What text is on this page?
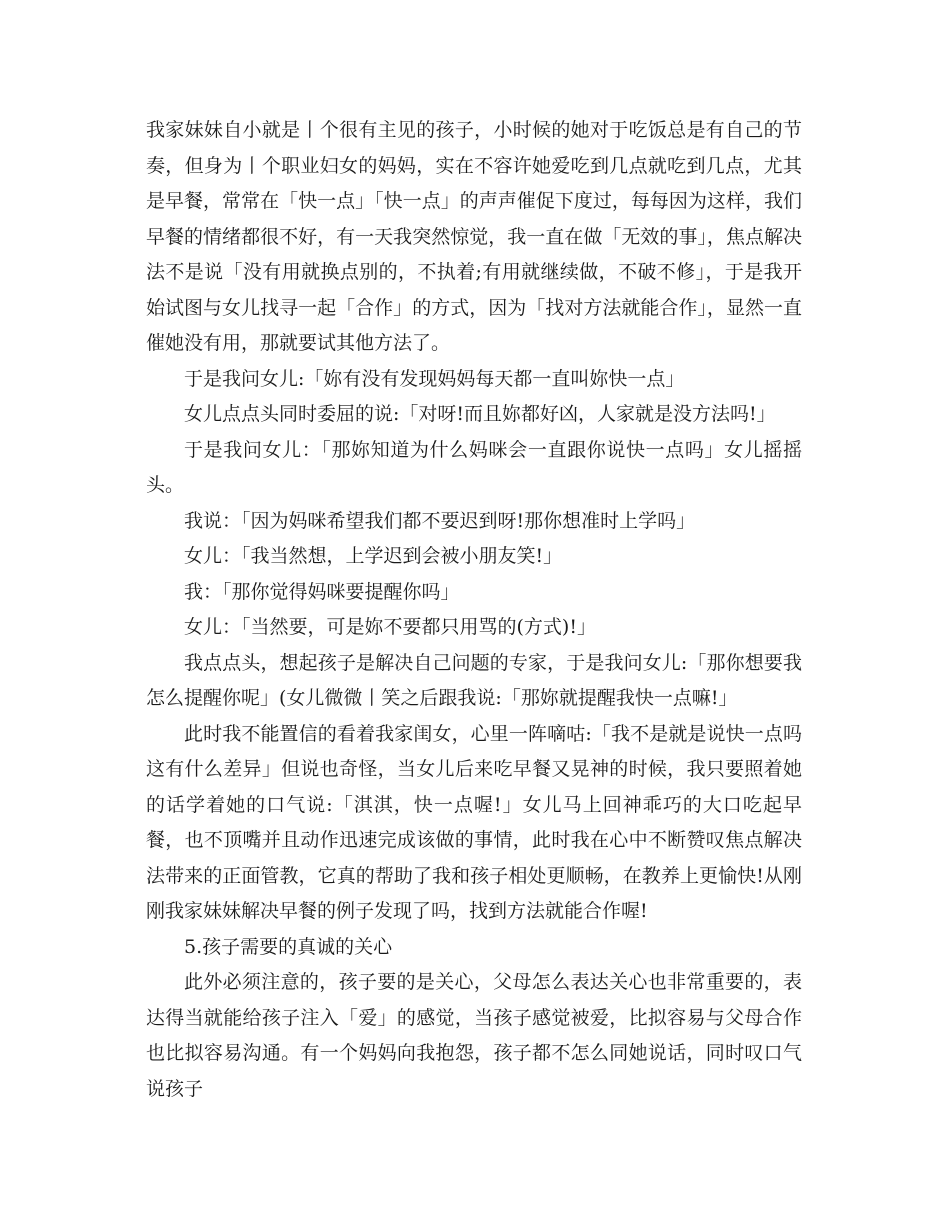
我家妹妹自小就是丨个很有主见的孩子，小时候的她对于吃饭总是有自己的节奏，但身为丨个职业妇女的妈妈，实在不容许她爱吃到几点就吃到几点，尤其是早餐，常常在「快一点」「快一点」的声声催促下度过，每每因为这样，我们早餐的情绪都很不好，有一天我突然惊觉，我一直在做「无效的事」，焦点解决法不是说「没有用就换点别的，不执着;有用就继续做，不破不修」，于是我开始试图与女儿找寻一起「合作」的方式，因为「找对方法就能合作」，显然一直催她没有用，那就要试其他方法了。

于是我问女儿:「妳有没有发现妈妈每天都一直叫妳快一点」

女儿点点头同时委屈的说:「对呀!而且妳都好凶，人家就是没方法吗!」

于是我问女儿：「那妳知道为什么妈咪会一直跟你说快一点吗」女儿摇摇头。

我说：「因为妈咪希望我们都不要迟到呀!那你想准时上学吗」

女儿：「我当然想，上学迟到会被小朋友笑!」

我：「那你觉得妈咪要提醒你吗」

女儿：「当然要，可是妳不要都只用骂的(方式)!」

我点点头，想起孩子是解决自己问题的专家，于是我问女儿:「那你想要我怎么提醒你呢」(女儿微微丨笑之后跟我说:「那妳就提醒我快一点嘛!」

此时我不能置信的看着我家闺女，心里一阵嘀咕:「我不是就是说快一点吗这有什么差异」但说也奇怪，当女儿后来吃早餐又晃神的时候，我只要照着她的话学着她的口气说:「淇淇，快一点喔!」女儿马上回神乖巧的大口吃起早餐，也不顶嘴并且动作迅速完成该做的事情，此时我在心中不断赞叹焦点解决法带来的正面管教，它真的帮助了我和孩子相处更顺畅，在教养上更愉快!从刚刚我家妹妹解决早餐的例子发现了吗，找到方法就能合作喔!

5.孩子需要的真诚的关心

此外必须注意的，孩子要的是关心，父母怎么表达关心也非常重要的，表达得当就能给孩子注入「爱」的感觉，当孩子感觉被爱，比拟容易与父母合作也比拟容易沟通。有一个妈妈向我抱怨，孩子都不怎么同她说话，同时叹口气说孩子
